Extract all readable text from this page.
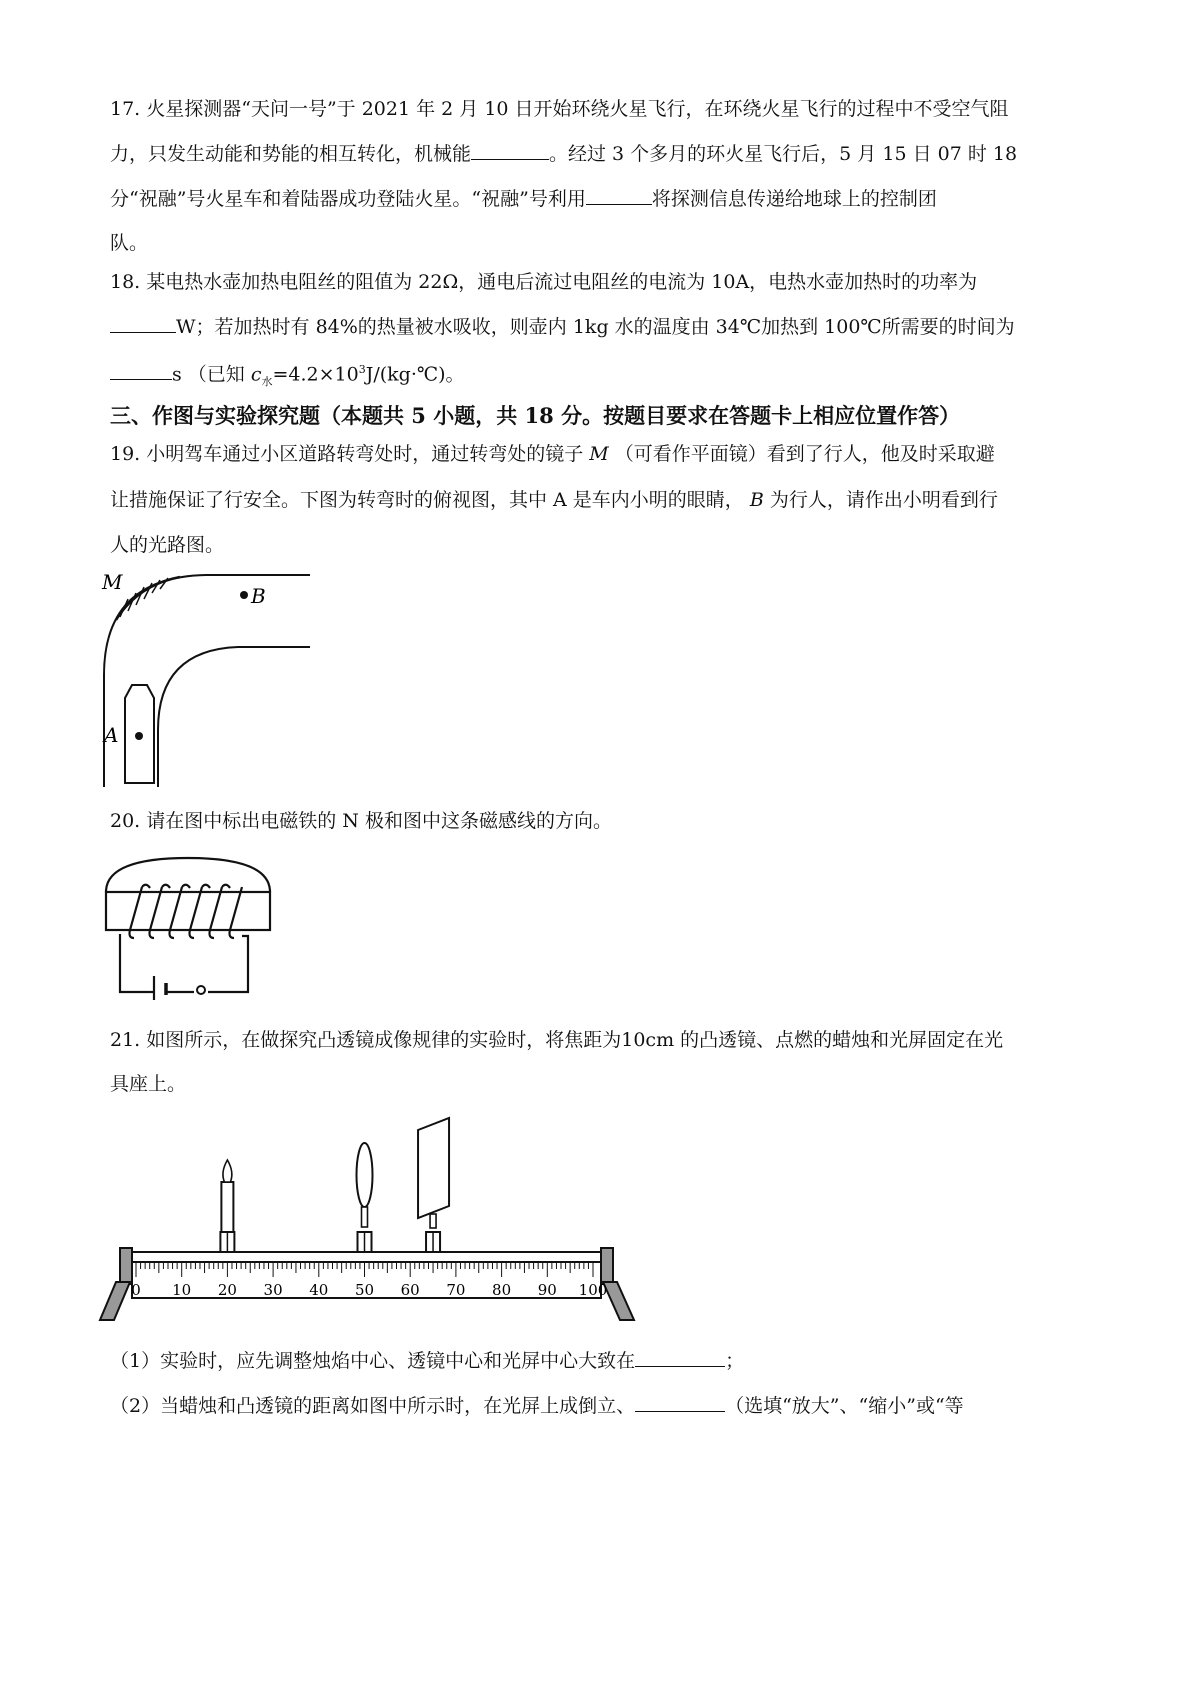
17. 火星探测器“天问一号”于 2021 年 2 月 10 日开始环绕火星飞行，在环绕火星飞行的过程中不受空气阻
力，只发生动能和势能的相互转化，机械能	。经过 3 个多月的环火星飞行后，5 月 15 日 07 时 18
分“祝融”号火星车和着陆器成功登陆火星。“祝融”号利用	将探测信息传递给地球上的控制团
队。
18. 某电热水壶加热电阻丝的阻值为 22Ω，通电后流过电阻丝的电流为 10A，电热水壶加热时的功率为
W；若加热时有 84%的热量被水吸收，则壶内 1kg 水的温度由 34℃加热到 100℃所需要的时间为
s （已知 $c_水=4.2\times 10^3J/(kg\cdot℃)$。
三、作图与实验探究题（本题共 5 小题，共 18 分。按题目要求在答题卡上相应位置作答）
19. 小明驾车通过小区道路转弯处时，通过转弯处的镜子 M （可看作平面镜）看到了行人，他及时采取避
让措施保证了行安全。下图为转弯时的俯视图，其中 A 是车内小明的眼睛， B 为行人，请作出小明看到行
人的光路图。
M
B
A
20. 请在图中标出电磁铁的 N 极和图中这条磁感线的方向。
21. 如图所示，在做探究凸透镜成像规律的实验时，将焦距为10cm 的凸透镜、点燃的蜡烛和光屏固定在光
具座上。
0 10 20 30 40 50 60 70 80 90 100
（1）实验时，应先调整烛焰中心、透镜中心和光屏中心大致在	；
（2）当蜡烛和凸透镜的距离如图中所示时，在光屏上成倒立、	（选填“放大”、“缩小”或“等
